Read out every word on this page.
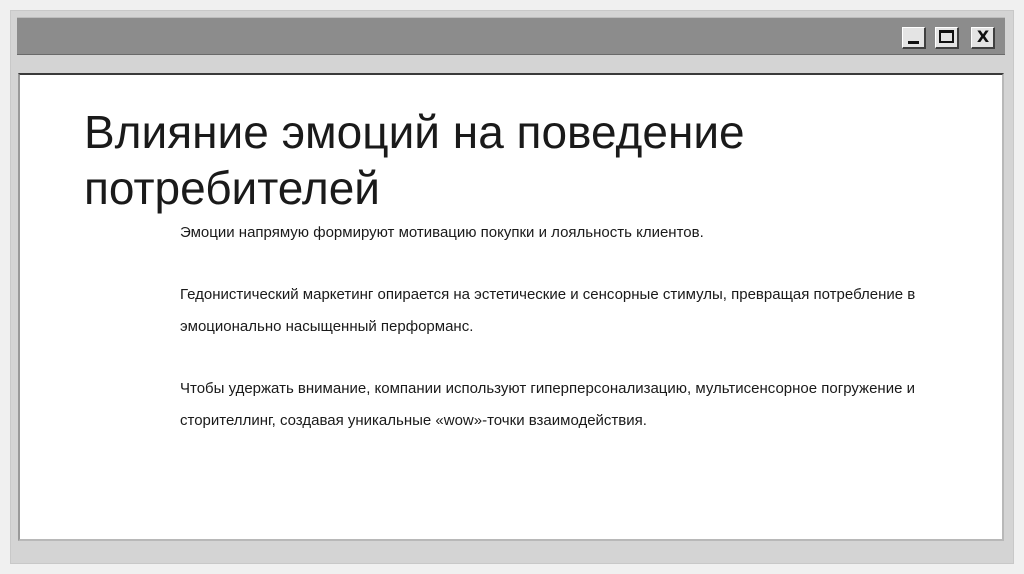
X
Влияние эмоций на поведение потребителей

Эмоции напрямую формируют мотивацию покупки и лояльность клиентов.

Гедонистический маркетинг опирается на эстетические и сенсорные стимулы, превращая потребление в эмоционально насыщенный перформанс.

Чтобы удержать внимание, компании используют гиперперсонализацию, мультисенсорное погружение и сторителлинг, создавая уникальные «wow»-точки взаимодействия.
